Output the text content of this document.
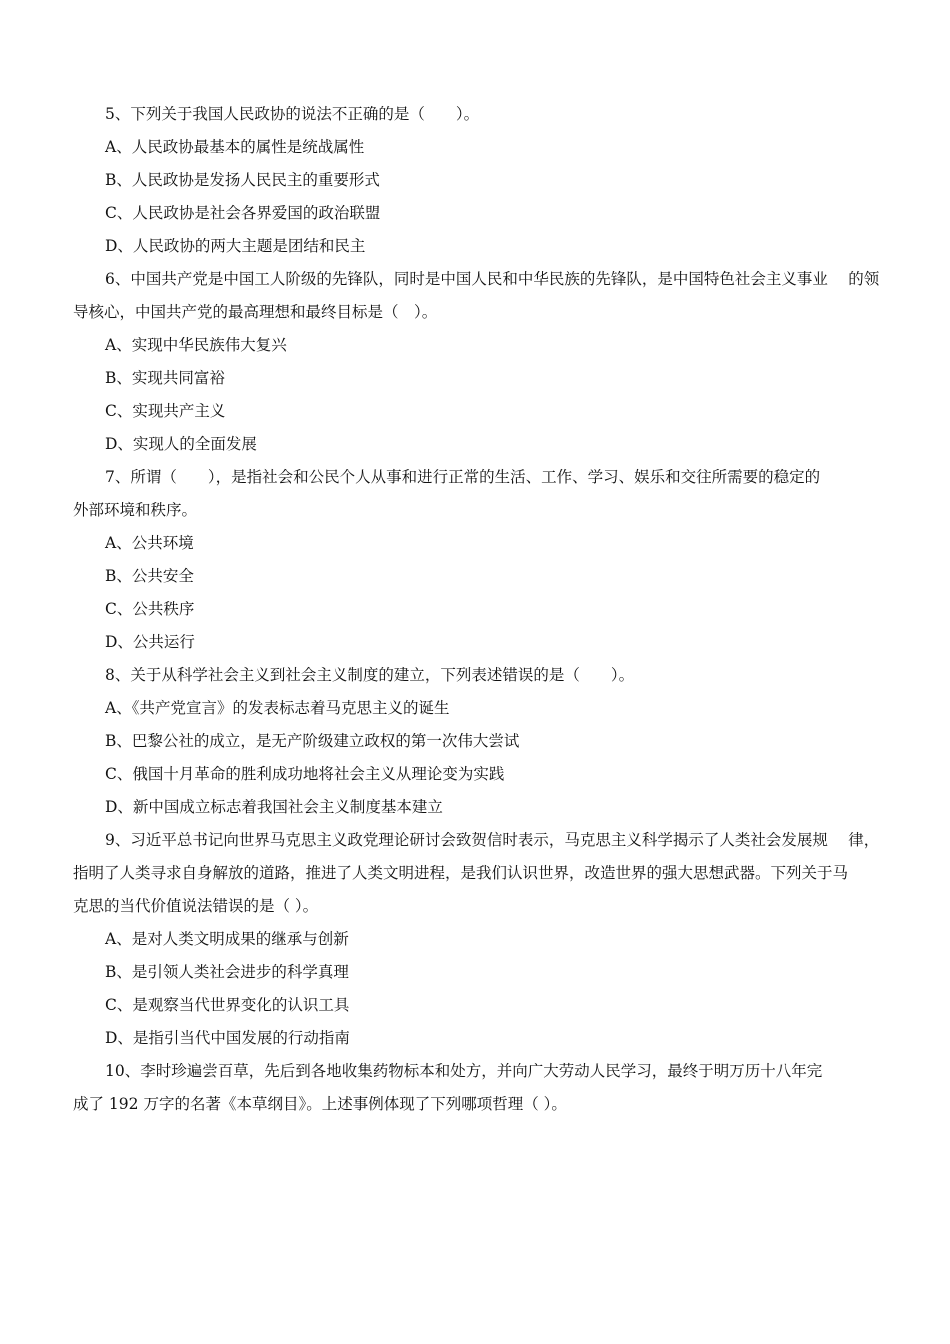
5、下列关于我国人民政协的说法不正确的是（　　）。
A、人民政协最基本的属性是统战属性
B、人民政协是发扬人民民主的重要形式
C、人民政协是社会各界爱国的政治联盟
D、人民政协的两大主题是团结和民主
6、中国共产党是中国工人阶级的先锋队，同时是中国人民和中华民族的先锋队，是中国特色社会主义事业　 的领
导核心，中国共产党的最高理想和最终目标是（　）。
A、实现中华民族伟大复兴
B、实现共同富裕
C、实现共产主义
D、实现人的全面发展
7、所谓（　　），是指社会和公民个人从事和进行正常的生活、工作、学习、娱乐和交往所需要的稳定的
外部环境和秩序。
A、公共环境
B、公共安全
C、公共秩序
D、公共运行
8、关于从科学社会主义到社会主义制度的建立，下列表述错误的是（　　）。
A、《共产党宣言》的发表标志着马克思主义的诞生
B、巴黎公社的成立，是无产阶级建立政权的第一次伟大尝试
C、俄国十月革命的胜利成功地将社会主义从理论变为实践
D、新中国成立标志着我国社会主义制度基本建立
9、习近平总书记向世界马克思主义政党理论研讨会致贺信时表示，马克思主义科学揭示了人类社会发展规　 律，
指明了人类寻求自身解放的道路，推进了人类文明进程，是我们认识世界，改造世界的强大思想武器。下列关于马
克思的当代价值说法错误的是（ ）。
A、是对人类文明成果的继承与创新
B、是引领人类社会进步的科学真理
C、是观察当代世界变化的认识工具
D、是指引当代中国发展的行动指南
10、李时珍遍尝百草，先后到各地收集药物标本和处方，并向广大劳动人民学习，最终于明万历十八年完
成了 192 万字的名著《本草纲目》。上述事例体现了下列哪项哲理（ ）。
